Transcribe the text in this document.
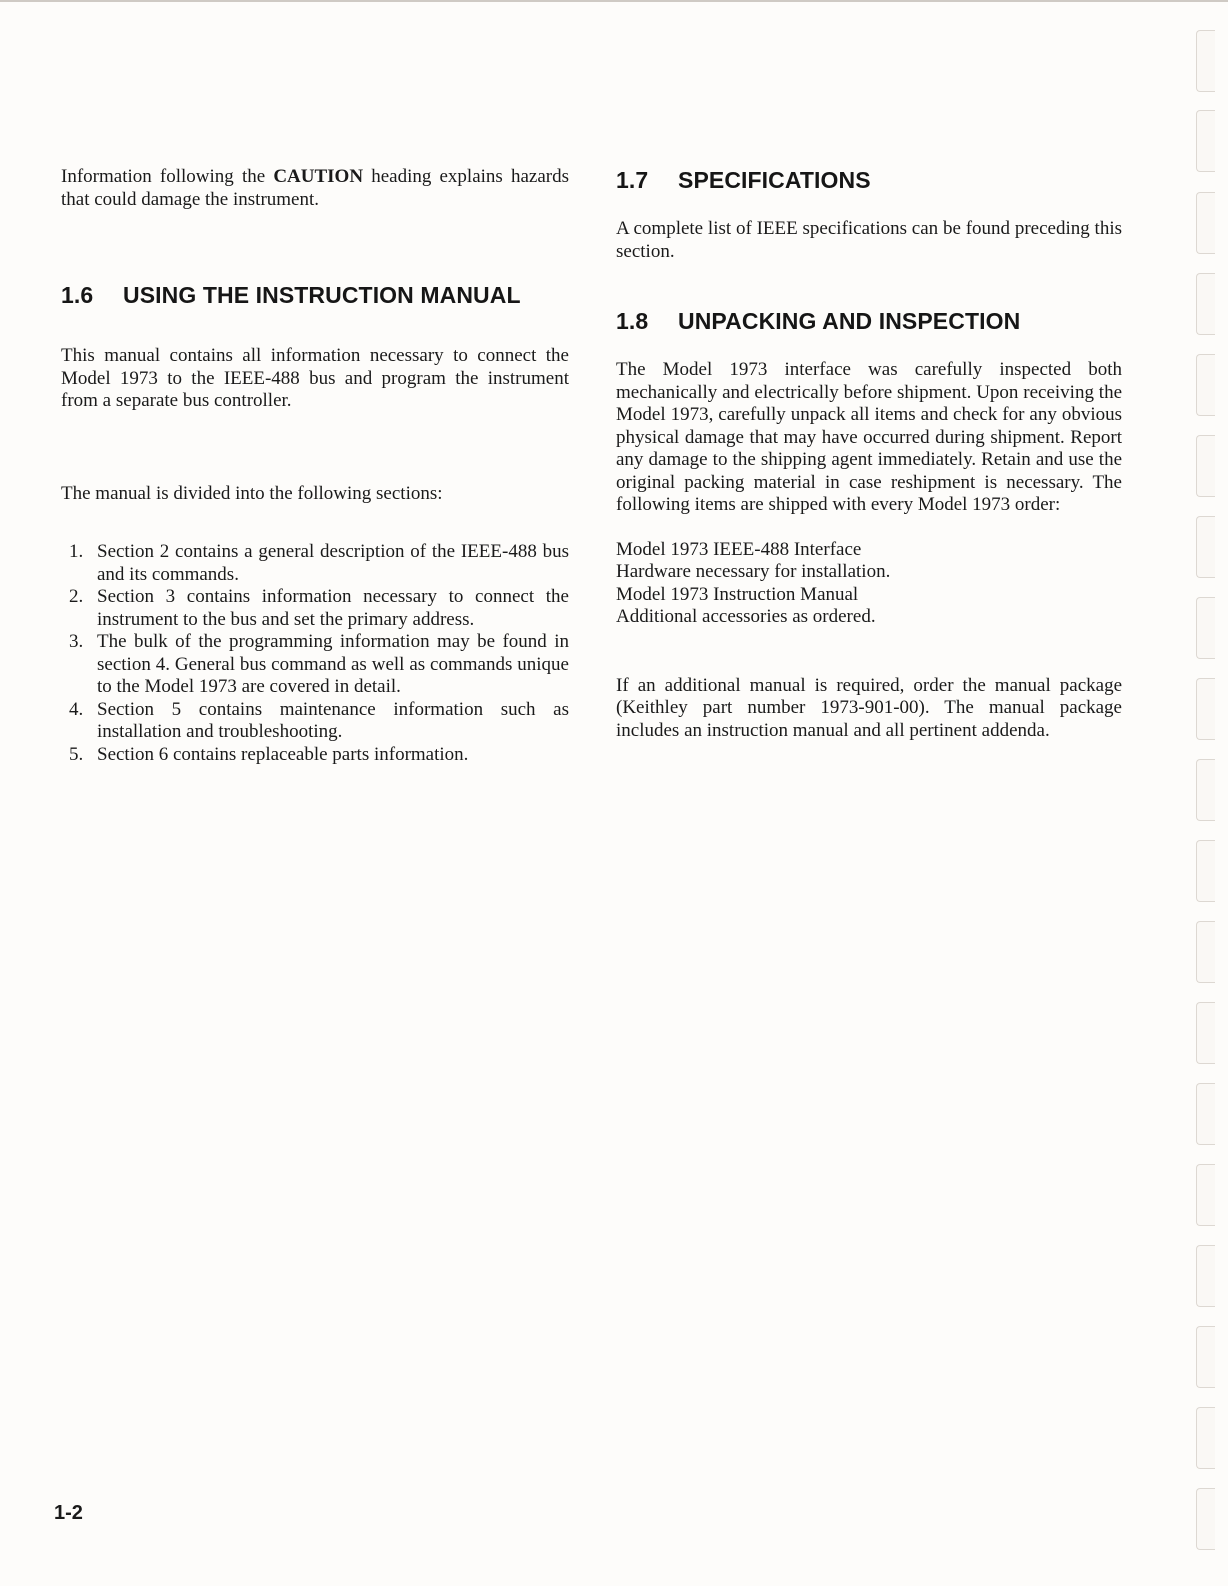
Information following the CAUTION heading explains hazards that could damage the instrument.

1.6 USING THE INSTRUCTION MANUAL

This manual contains all information necessary to connect the Model 1973 to the IEEE-488 bus and program the instrument from a separate bus controller.

The manual is divided into the following sections:

1. Section 2 contains a general description of the IEEE-488 bus and its commands.
2. Section 3 contains information necessary to connect the instrument to the bus and set the primary address.
3. The bulk of the programming information may be found in section 4. General bus command as well as commands unique to the Model 1973 are covered in detail.
4. Section 5 contains maintenance information such as installation and troubleshooting.
5. Section 6 contains replaceable parts information.
1.7 SPECIFICATIONS

A complete list of IEEE specifications can be found preceding this section.

1.8 UNPACKING AND INSPECTION

The Model 1973 interface was carefully inspected both mechanically and electrically before shipment. Upon receiving the Model 1973, carefully unpack all items and check for any obvious physical damage that may have occurred during shipment. Report any damage to the shipping agent immediately. Retain and use the original packing material in case reshipment is necessary. The following items are shipped with every Model 1973 order:

Model 1973 IEEE-488 Interface
Hardware necessary for installation.
Model 1973 Instruction Manual
Additional accessories as ordered.

If an additional manual is required, order the manual package (Keithley part number 1973-901-00). The manual package includes an instruction manual and all pertinent addenda.

1-2
